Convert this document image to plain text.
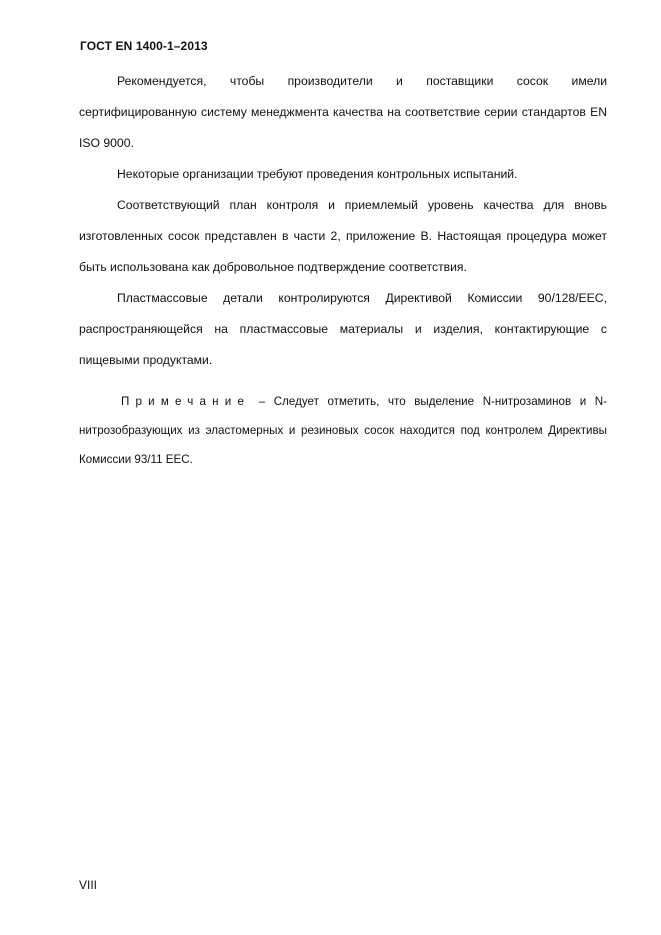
ГОСТ EN 1400-1–2013

Рекомендуется, чтобы производители и поставщики сосок имели сертифицированную систему менеджмента качества на соответствие серии стандартов EN ISO 9000.

Некоторые организации требуют проведения контрольных испытаний.

Соответствующий план контроля и приемлемый уровень качества для вновь изготовленных сосок представлен в части 2, приложение В. Настоящая процедура может быть использована как добровольное подтверждение соответствия.

Пластмассовые детали контролируются Директивой Комиссии 90/128/ЕЕС, распространяющейся на пластмассовые материалы и изделия, контактирующие с пищевыми продуктами.

Примечание – Следует отметить, что выделение N-нитрозаминов и N-нитрозобразующих из эластомерных и резиновых сосок находится под контролем Директивы Комиссии 93/11 ЕЕС.

VIII
